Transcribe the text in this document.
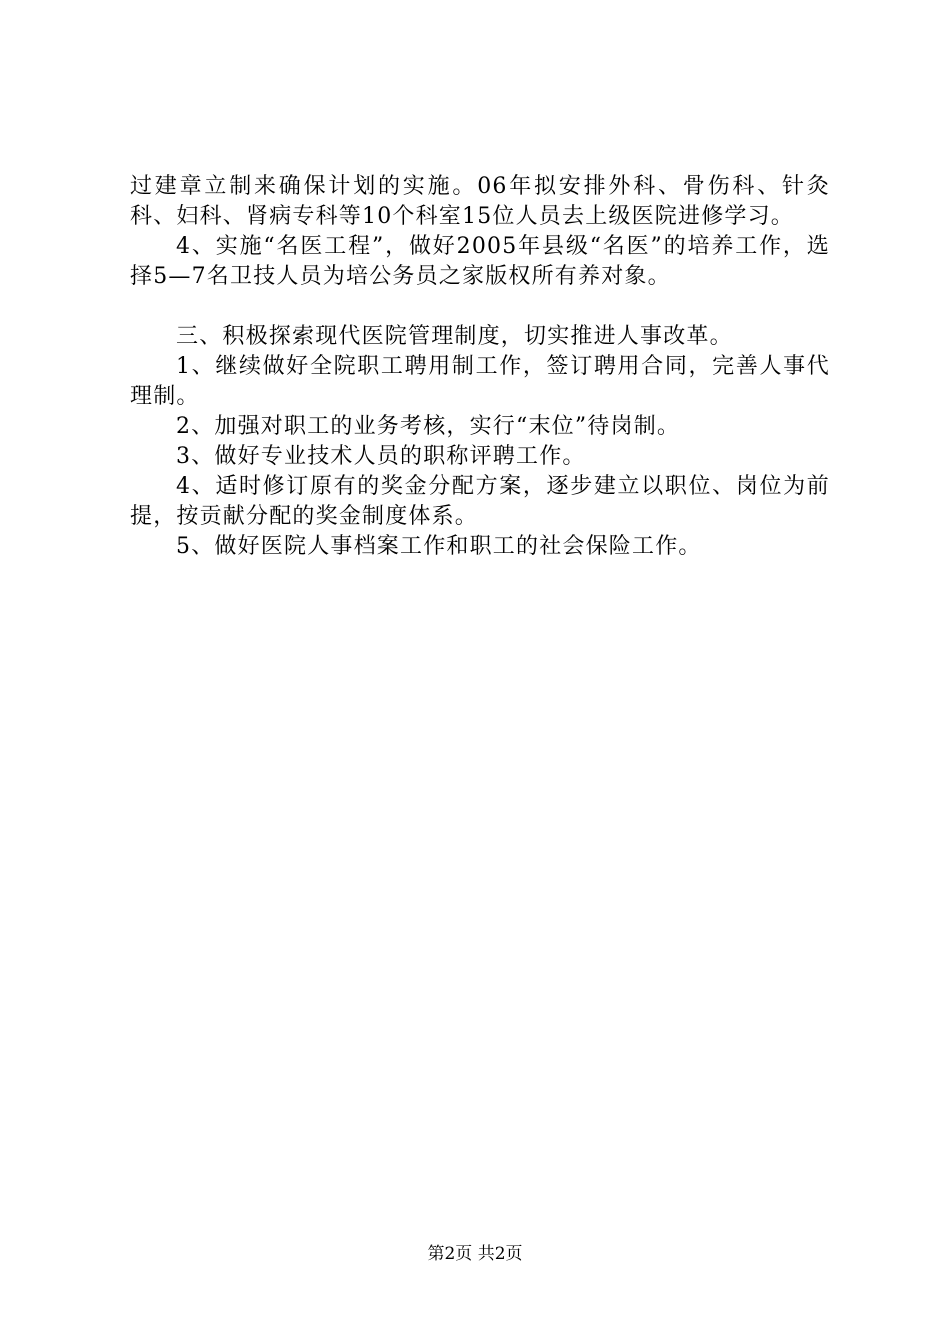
过建章立制来确保计划的实施。06年拟安排外科、骨伤科、针灸科、妇科、肾病专科等10个科室15位人员去上级医院进修学习。

4、实施“名医工程”，做好2005年县级“名医”的培养工作，选择5—7名卫技人员为培公务员之家版权所有养对象。

三、积极探索现代医院管理制度，切实推进人事改革。

1、继续做好全院职工聘用制工作，签订聘用合同，完善人事代理制。

2、加强对职工的业务考核，实行“末位”待岗制。

3、做好专业技术人员的职称评聘工作。

4、适时修订原有的奖金分配方案，逐步建立以职位、岗位为前提，按贡献分配的奖金制度体系。

5、做好医院人事档案工作和职工的社会保险工作。

第2页 共2页
